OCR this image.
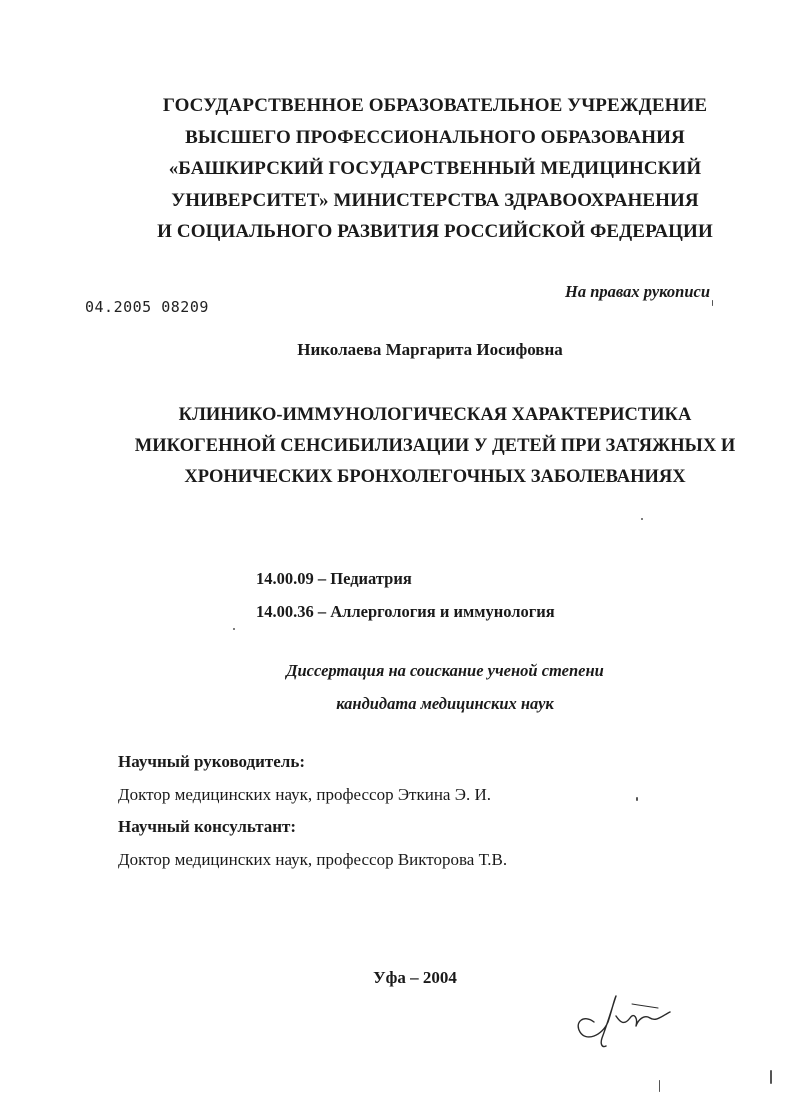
ГОСУДАРСТВЕННОЕ ОБРАЗОВАТЕЛЬНОЕ УЧРЕЖДЕНИЕ
ВЫСШЕГО ПРОФЕССИОНАЛЬНОГО ОБРАЗОВАНИЯ
«БАШКИРСКИЙ ГОСУДАРСТВЕННЫЙ МЕДИЦИНСКИЙ
УНИВЕРСИТЕТ» МИНИСТЕРСТВА ЗДРАВООХРАНЕНИЯ
И СОЦИАЛЬНОГО РАЗВИТИЯ РОССИЙСКОЙ ФЕДЕРАЦИИ
04.2005 08209
На правах рукописи
Николаева Маргарита Иосифовна
КЛИНИКО-ИММУНОЛОГИЧЕСКАЯ ХАРАКТЕРИСТИКА
МИКОГЕННОЙ СЕНСИБИЛИЗАЦИИ У ДЕТЕЙ ПРИ ЗАТЯЖНЫХ И
ХРОНИЧЕСКИХ БРОНХОЛЕГОЧНЫХ ЗАБОЛЕВАНИЯХ
14.00.09 – Педиатрия
14.00.36 – Аллергология и иммунология
Диссертация на соискание ученой степени
кандидата медицинских наук
Научный руководитель:
Доктор медицинских наук, профессор Эткина Э. И.
Научный консультант:
Доктор медицинских наук, профессор Викторова Т.В.
Уфа – 2004
